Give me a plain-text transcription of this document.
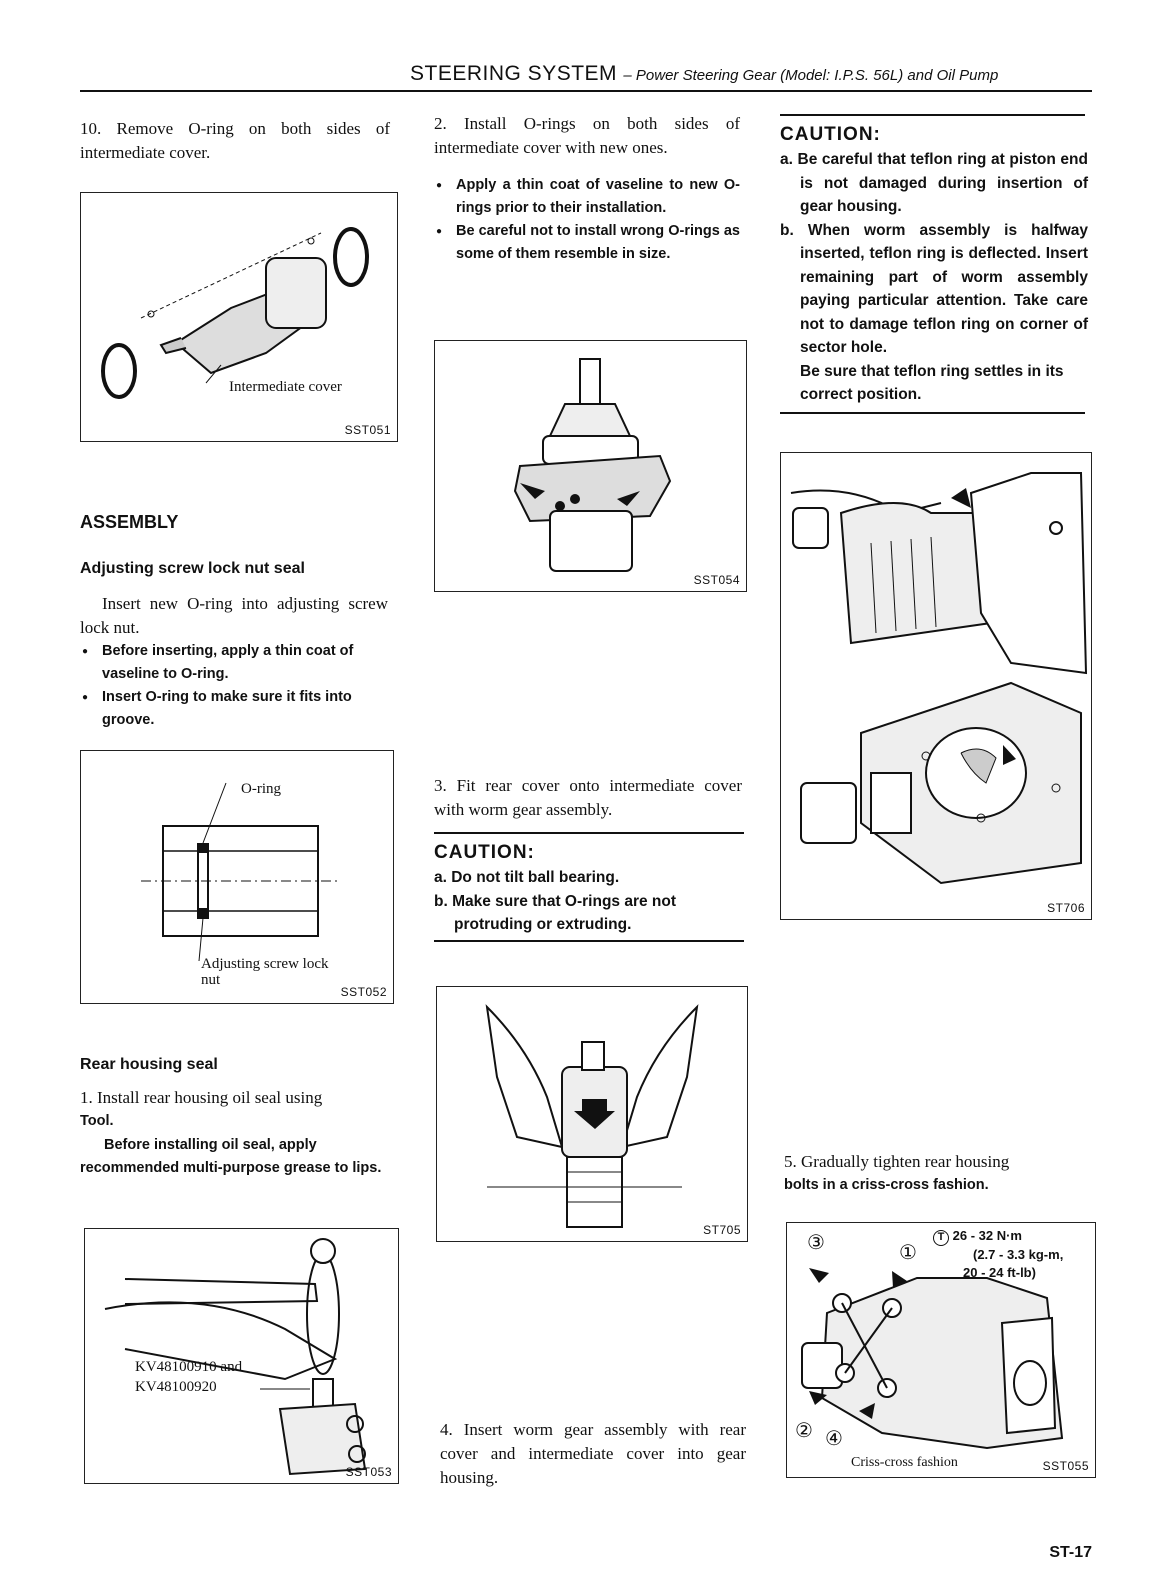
STEERING SYSTEM – Power Steering Gear (Model: I.P.S. 56L) and Oil Pump
10. Remove O-ring on both sides of intermediate cover.
Intermediate cover
SST051
ASSEMBLY
Adjusting screw lock nut seal
Insert new O-ring into adjusting screw lock nut.
● Before inserting, apply a thin coat of vaseline to O-ring.
● Insert O-ring to make sure it fits into groove.
O-ring
Adjusting screw lock nut
SST052
Rear housing seal
1. Install rear housing oil seal using
Tool.
Before installing oil seal, apply recommended multi-purpose grease to lips.
KV48100910 and KV48100920
SST053
2. Install O-rings on both sides of intermediate cover with new ones.
● Apply a thin coat of vaseline to new O-rings prior to their installation.
● Be careful not to install wrong O-rings as some of them resemble in size.
SST054
3. Fit rear cover onto intermediate cover with worm gear assembly.
CAUTION:
a. Do not tilt ball bearing.
b. Make sure that O-rings are not protruding or extruding.
ST705
4. Insert worm gear assembly with rear cover and intermediate cover into gear housing.
CAUTION:
a. Be careful that teflon ring at piston end is not damaged during insertion of gear housing.
b. When worm assembly is halfway inserted, teflon ring is deflected. Insert remaining part of worm assembly paying particular attention. Take care not to damage teflon ring on corner of sector hole.
Be sure that teflon ring settles in its correct position.
ST706
5. Gradually tighten rear housing
bolts in a criss-cross fashion.
T 26 - 32 N·m
(2.7 - 3.3 kg-m,
20 - 24 ft-lb)
③	①
② ④
Criss-cross fashion	SST055
ST-17
